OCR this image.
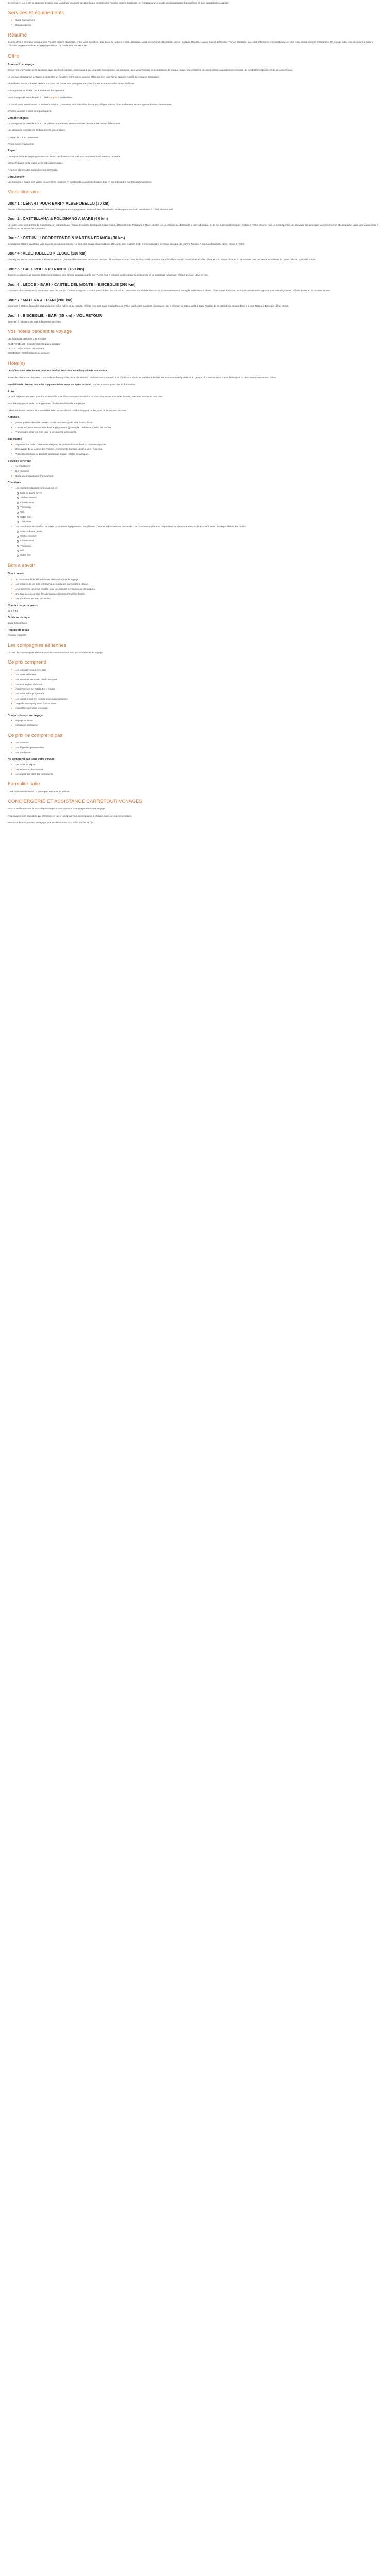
Ce circuit en bus a été spécialement conçu pour vous faire découvrir les plus beaux endroits des Pouilles et de la Basilicate, en compagnie d’un guide accompagnateur francophone et avec un parcours organisé.

Services et équipements
Guide francophone
Circuit organisé
Résumé

Ce circuit vous emmène au cœur des Pouilles et de la Basilicate, entre villes blanches, trulli, sassi de Matera et côte adriatique. Vous découvrirez Alberobello, Lecce, Gallipoli, Otrante, Matera, Castel del Monte, Trani et Bisceglie, avec des hébergements sélectionnés et des repas inclus selon le programme. Un voyage idéal pour découvrir la culture, l’histoire, la gastronomie et les paysages du sud de l’Italie en toute sérénité.

Offre
Pourquoi ce voyage

Découvrez les Pouilles et la Basilicate avec un circuit complet, accompagné par un guide francophone qui partagera avec vous l’histoire et les traditions de chaque étape. Vous visiterez des sites classés au patrimoine mondial de l’UNESCO et profiterez de la cuisine locale.

Le voyage est organisé de façon à vous offrir un équilibre entre visites guidées et temps libre pour flâner dans les ruelles des villages historiques.

Alberobello, Lecce, Otrante, Matera et Castel del Monte sont quelques-unes des étapes incontournables de cet itinéraire.

Hébergement en hôtels 3 et 4 étoiles en demi-pension.

Votre voyage démarre de Bari à l’hôtel Borgoluce ou similaire.

Le circuit vous fait découvrir un itinéraire riche en contrastes, alternant villes baroques, villages blancs, côtes rocheuses et campagnes d’oliviers centenaires.

Départs garantis à partir de 2 participants.

Caractéristiques

Le voyage est accessible à tous. Les visites comprennent de courtes marches dans les centres historiques.

Les distances journalières en bus restent raisonnables.

Groupe de 2 à 40 personnes.

Repas selon programme.

Repas

Les repas indiqués au programme sont inclus. Les boissons ne sont pas comprises, sauf mention contraire.

Menus typiques de la région avec spécialités locales.

Régimes alimentaires particuliers sur demande.

Déroulement

Les horaires et l’ordre des visites peuvent être modifiés en fonction des conditions locales, tout en garantissant le contenu du programme.

Votre itinéraire
Jour 1 : DÉPART POUR BARI > ALBEROBELLO (70 km)

Arrivée à l’aéroport de Bari et rencontre avec votre guide accompagnateur. Transfert vers Alberobello, célèbre pour ses trulli. Installation à l’hôtel, dîner et nuit.

Jour 2 : CASTELLANA & POLIGNANO A MARE (60 km)

Le matin, visite des grottes de Castellana, un extraordinaire réseau de cavités karstiques. L’après-midi, découverte de Polignano a Mare, perché sur une falaise au-dessus de la mer Adriatique, et de ses ruelles pittoresques. Retour à l’hôtel, dîner et nuit. Le circuit permet de découvrir des paysages variés entre mer et campagne, dans une région riche en traditions et en savoir-faire artisanal.

Jour 3 : OSTUNI, LOCOROTONDO & MARTINA FRANCA (80 km)

Départ pour Ostuni, la célèbre ville blanche, puis Locorotondo, l’un des plus beaux villages d’Italie. Déjeuner libre. L’après-midi, promenade dans le centre baroque de Martina Franca. Retour à Alberobello, dîner et nuit à l’hôtel.

Jour 4 : ALBEROBELLO > LECCE (130 km)

Départ pour Lecce, surnommée la Florence du Sud. Visite guidée du centre historique baroque : la basilique Santa Croce, la Piazza del Duomo et l’amphithéâtre romain. Installation à l’hôtel, dîner et nuit. Temps libre en fin de journée pour découvrir les ateliers de papier mâché, spécialité locale.

Jour 5 : GALLIPOLI & OTRANTE (160 km)

Journée consacrée au Salento. Matinée à Gallipoli, ville fortifiée entourée par la mer. Après-midi à Otrante, célèbre pour sa cathédrale et sa mosaïque médiévale. Retour à Lecce, dîner et nuit.

Jour 6 : LECCE > BARI > CASTEL DEL MONTE > BISCEGLIE (260 km)

Départ en direction du nord. Visite de Castel del Monte, château octogonal construit par Frédéric II et classé au patrimoine mondial de l’UNESCO. Continuation vers Bisceglie, installation à l’hôtel, dîner et nuit. En route, arrêt dans un domaine agricole pour une dégustation d’huile d’olive et de produits locaux.

Jour 7 : MATERA & TRANI (200 km)

Excursion à Matera, l’une des plus anciennes villes habitées au monde, célèbre pour ses Sassi troglodytiques. Visite guidée des quartiers historiques. Sur le chemin du retour, arrêt à Trani et visite de sa cathédrale romane face à la mer. Retour à Bisceglie, dîner et nuit.

Jour 8 : BISCEGLIE > BARI (35 km) > VOL RETOUR

Transfert à l’aéroport de Bari et fin de nos services.

Vos hôtels pendant le voyage
Les hôtels de catégorie 3 et 4 étoiles
ALBEROBELLO : Grand Hotel Olimpo ou similaire
LECCE : Hôtel Tiziano ou similaire
BISCEGLIE : Hôtel Salsello ou similaire
Hôtel(s)

Les hôtels sont sélectionnés pour leur confort, leur situation et la qualité de leur service.

Toutes les chambres disposent d’une salle de bains privée, de la climatisation et d’une connexion wifi. Les hôtels sont situés de manière à faciliter les déplacements quotidiens du groupe, à proximité des centres historiques ou dans un environnement calme.

Possibilité de réserver des nuits supplémentaires avant ou après le circuit : contactez-nous pour plus d’informations.

Autre

Le petit déjeuner est servi sous forme de buffet. Les dîners sont servis à l’hôtel ou dans des restaurants sélectionnés, avec des menus de trois plats.

Pour les voyageurs seuls, un supplément chambre individuelle s’applique.

Certaines visites peuvent être modifiées selon les conditions météorologiques ou les jours de fermeture des sites.

Activités
Visites guidées dans les centres historiques avec guide local francophone.
Entrées aux sites mentionnés dans le programme (grottes de Castellana, Castel del Monte).
Promenades et temps libre pour la découverte personnelle.
Spécialités
Dégustation d’huile d’olive extra vierge et de produits locaux dans un domaine agricole.
Découverte de la cuisine des Pouilles : orecchiette, burrata, taralli et vins régionaux.
Possibilité d’achats de produits artisanaux (papier mâché, céramiques).
Services généraux
Air conditionné
Bus climatisé
Guide accompagnateur francophone
Chambres
Les chambres doubles sont équipées de :
Salle de bains privée
Sèche-cheveux
Climatisation
Télévision
Wifi
Coffre-fort
Téléphone
Les chambres individuelles disposent des mêmes équipements. Supplément chambre individuelle sur demande. Les chambres triples sont disponibles sur demande avec un lit d’appoint, selon les disponibilités des hôtels.
Salle de bains privée
Sèche-cheveux
Climatisation
Télévision
Wifi
Coffre-fort
Bon à savoir
Bon à savoir
Un document d’identité valide est nécessaire pour le voyage.
Les horaires de vol sont communiqués quelques jours avant le départ.
Le programme peut être modifié pour des raisons techniques ou climatiques.
Une taxe de séjour peut être demandée directement par les hôtels.
Les pourboires ne sont pas inclus.
Nombre de participants

de 2 à 40

Guide touristique

guide francophone

Régime de repas

pension complète

Les compagnies aériennes

Le nom de la compagnie aérienne vous sera communiqué avec vos documents de voyage.

Ce prix comprend
Les vols aller-retour vers Bari
Les taxes aériennes
Les transferts aéroport / hôtel / aéroport
Le circuit en bus climatisé
L’hébergement en hôtels 3 et 4 étoiles
Les repas selon programme
Les visites et entrées mentionnées au programme
Le guide accompagnateur francophone
L’assistance pendant le voyage
Compris dans votre voyage
Bagage en soute
Assurance assistance
Ce prix ne comprend pas
Les boissons
Les dépenses personnelles
Les pourboires
Ne comprend pas dans votre voyage
Les taxes de séjour
Les excursions facultatives
Le supplément chambre individuelle
Formalité Italie

Carte nationale d’identité ou passeport en cours de validité.

CONCIERGERIE ET ASSISTANCE CARREFOUR VOYAGES

Nos conseillers restent à votre disposition pour toute question avant et pendant votre voyage.

Nos équipes sont joignables par téléphone et par e-mail pour vous accompagner à chaque étape de votre réservation.

En cas de besoin pendant le voyage, une assistance est disponible 24h/24 et 7j/7.
